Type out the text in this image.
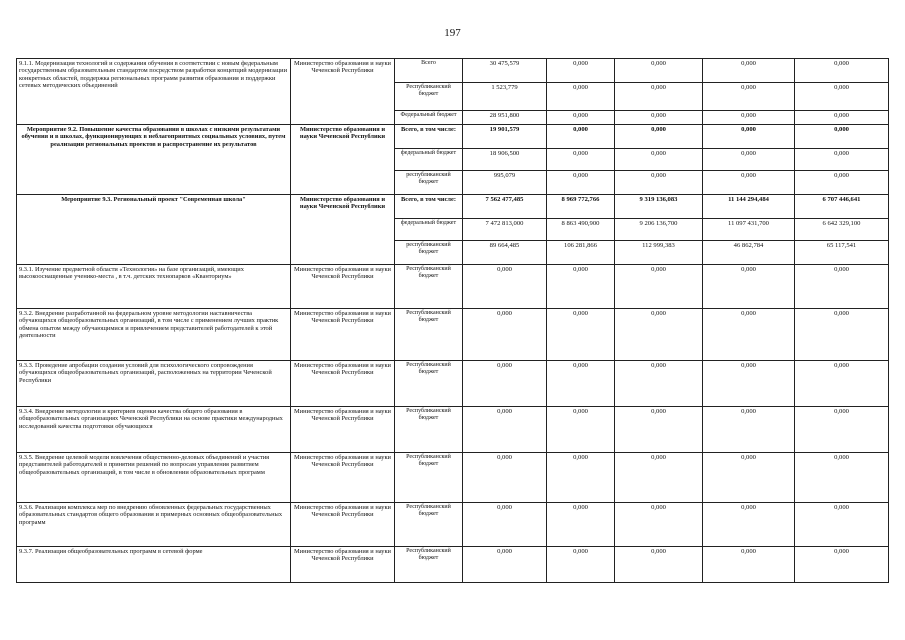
197
9.1.1. Модернизация технологий и содержания обучения в соответствии с новым федеральным государственным образовательным стандартом посредством разработки концепций модернизации конкретных областей, поддержка региональных программ развития образования и поддержки сетевых методических объединений	Министерство образования и науки Чеченской Республики	Всего	30 475,579	0,000	0,000	0,000	0,000
		Республиканский бюджет	1 523,779	0,000	0,000	0,000	0,000
		Федеральный бюджет	28 951,800	0,000	0,000	0,000	0,000
Мероприятие 9.2. Повышение качества образования в школах с низкими результатами обучения и в школах, функционирующих в неблагоприятных социальных условиях, путем реализации региональных проектов и распространение их результатов	Министерство образования и науки Чеченской Республики	Всего, в том числе:	19 901,579	0,000	0,000	0,000	0,000
		федеральный бюджет	18 906,500	0,000	0,000	0,000	0,000
		республиканский бюджет	995,079	0,000	0,000	0,000	0,000
Мероприятие 9.3. Региональный проект "Современная школа"	Министерство образования и науки Чеченской Республики	Всего, в том числе:	7 562 477,485	8 969 772,766	9 319 136,083	11 144 294,484	6 707 446,641
		федеральный бюджет	7 472 813,000	8 863 490,900	9 206 136,700	11 097 431,700	6 642 329,100
		республиканский бюджет	89 664,485	106 281,866	112 999,383	46 862,784	65 117,541
9.3.1. Изучение предметной области «Технология» на базе организаций, имеющих высокооснащенные ученико-места , в т.ч. детских технопарков «Кванториум»	Министерство образования и науки Чеченской Республики	Республиканский бюджет	0,000	0,000	0,000	0,000	0,000
9.3.2. Внедрение разработанной на федеральном уровне методологии наставничества обучающихся общеобразовательных организаций, в том числе с применением лучших практик обмена опытом между обучающимися и привлечением представителей работодателей к этой деятельности	Министерство образования и науки Чеченской Республики	Республиканский бюджет	0,000	0,000	0,000	0,000	0,000
9.3.3. Проведение апробации создания условий для психологического сопровождения обучающихся общеобразовательных организаций, расположенных на территории Чеченской Республики	Министерство образования и науки Чеченской Республики	Республиканский бюджет	0,000	0,000	0,000	0,000	0,000
9.3.4. Внедрение методологии и критериев оценки качества общего образования в общеобразовательных организациях Чеченской Республики на основе практики международных исследований качества подготовки обучающихся	Министерство образования и науки Чеченской Республики	Республиканский бюджет	0,000	0,000	0,000	0,000	0,000
9.3.5. Внедрение целевой модели вовлечения общественно-деловых объединений и участия представителей работодателей в принятии решений по вопросам управления развитием общеобразовательных организаций, в том числе в обновлении образовательных программ	Министерство образования и науки Чеченской Республики	Республиканский бюджет	0,000	0,000	0,000	0,000	0,000
9.3.6. Реализация комплекса мер по внедрению обновленных федеральных государственных образовательных стандартов общего образования и примерных основных общеобразовательных программ	Министерство образования и науки Чеченской Республики	Республиканский бюджет	0,000	0,000	0,000	0,000	0,000
9.3.7. Реализация общеобразовательных программ в сетевой форме	Министерство образования и науки Чеченской Республики	Республиканский бюджет	0,000	0,000	0,000	0,000	0,000
